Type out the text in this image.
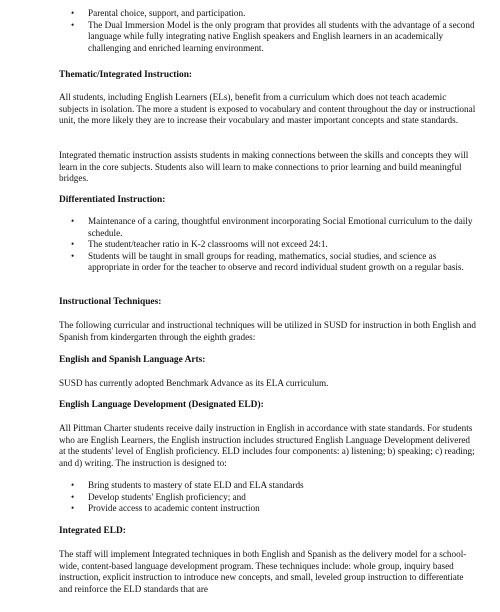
• Parental choice, support, and participation.
• The Dual Immersion Model is the only program that provides all students with the advantage of a second language while fully integrating native English speakers and English learners in an academically challenging and enriched learning environment.
Thematic/Integrated Instruction:

All students, including English Learners (ELs), benefit from a curriculum which does not teach academic subjects in isolation. The more a student is exposed to vocabulary and content throughout the day or instructional unit, the more likely they are to increase their vocabulary and master important concepts and state standards.

Integrated thematic instruction assists students in making connections between the skills and concepts they will learn in the core subjects. Students also will learn to make connections to prior learning and build meaningful bridges.

Differentiated Instruction:
• Maintenance of a caring, thoughtful environment incorporating Social Emotional curriculum to the daily schedule.
• The student/teacher ratio in K-2 classrooms will not exceed 24:1.
• Students will be taught in small groups for reading, mathematics, social studies, and science as appropriate in order for the teacher to observe and record individual student growth on a regular basis.
Instructional Techniques:

The following curricular and instructional techniques will be utilized in SUSD for instruction in both English and Spanish from kindergarten through the eighth grades:

English and Spanish Language Arts:

SUSD has currently adopted Benchmark Advance as its ELA curriculum.

English Language Development (Designated ELD):

All Pittman Charter students receive daily instruction in English in accordance with state standards. For students who are English Learners, the English instruction includes structured English Language Development delivered at the students' level of English proficiency. ELD includes four components: a) listening; b) speaking; c) reading; and d) writing. The instruction is designed to:

• Bring students to mastery of state ELD and ELA standards
• Develop students' English proficiency; and
• Provide access to academic content instruction
Integrated ELD:

The staff will implement Integrated techniques in both English and Spanish as the delivery model for a school-wide, content-based language development program. These techniques include: whole group, inquiry based instruction, explicit instruction to introduce new concepts, and small, leveled group instruction to differentiate and reinforce the ELD standards that are
